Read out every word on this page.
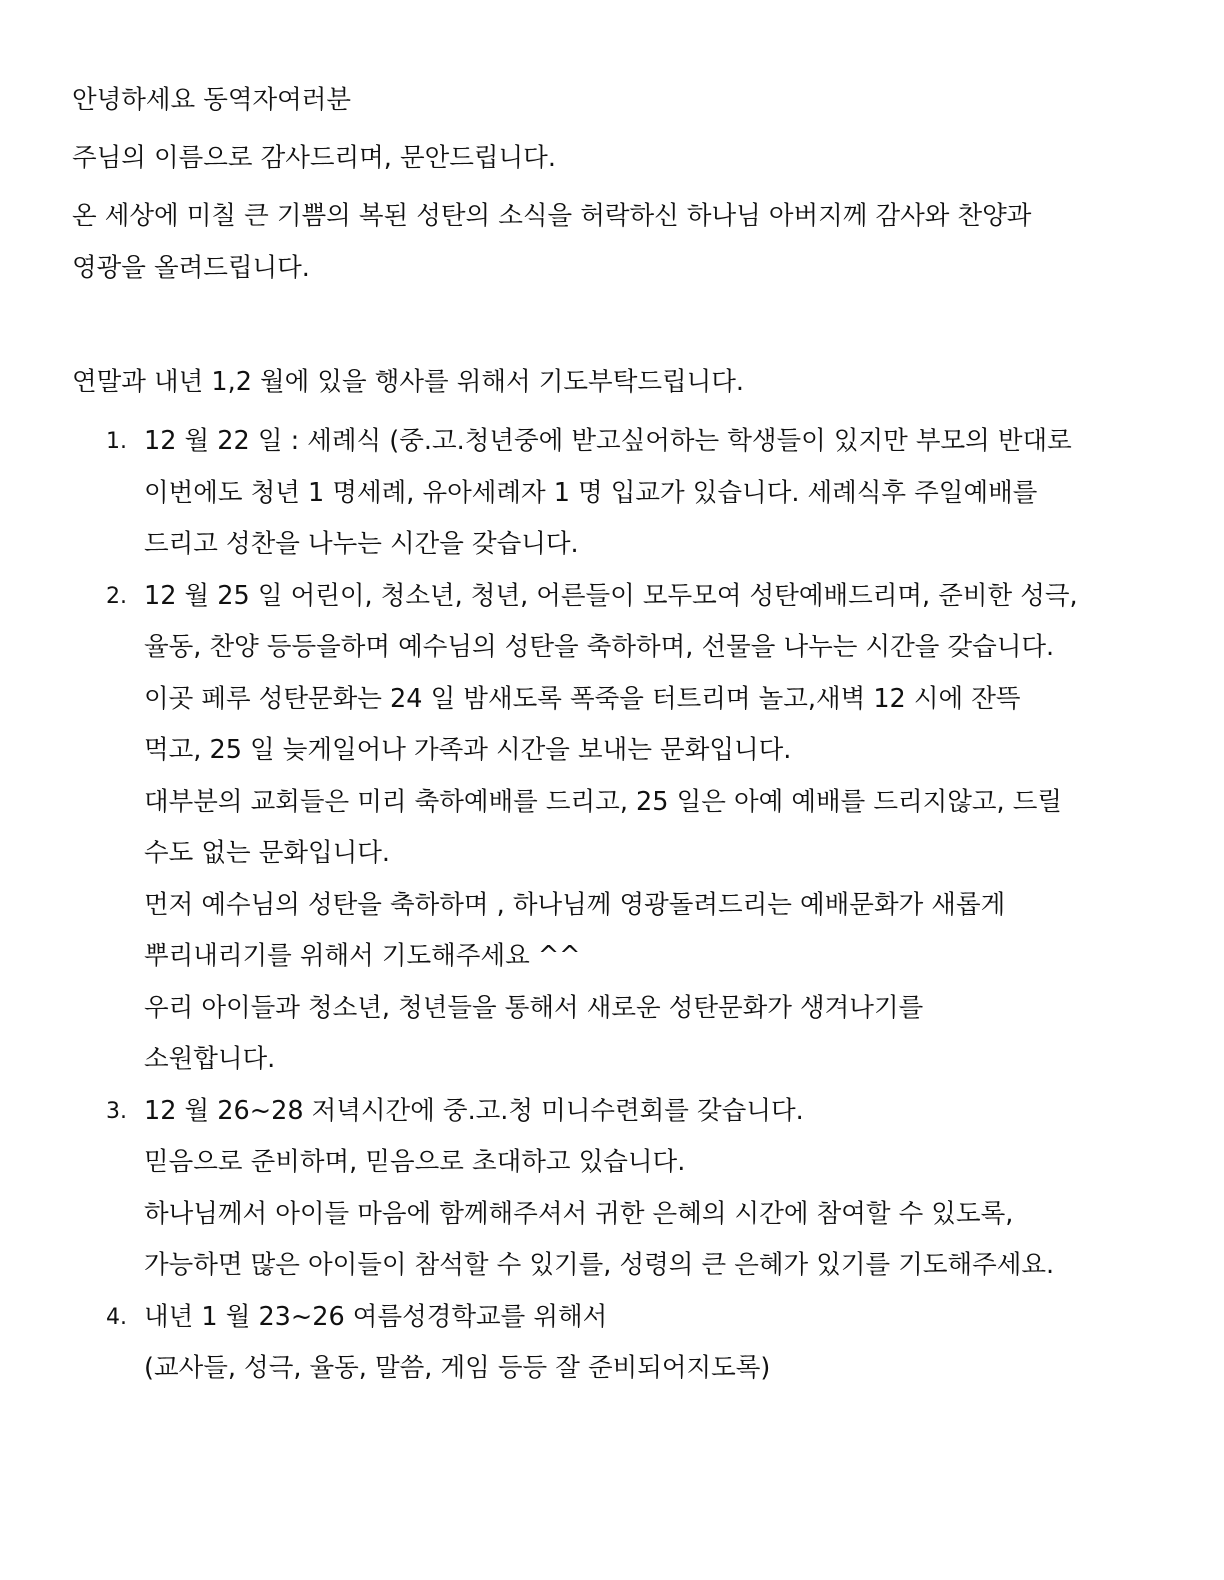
안녕하세요 동역자여러분

주님의 이름으로 감사드리며, 문안드립니다.

온 세상에 미칠 큰 기쁨의 복된 성탄의 소식을 허락하신 하나님 아버지께 감사와 찬양과
영광을 올려드립니다.

연말과 내년 1,2 월에 있을 행사를 위해서 기도부탁드립니다.

1. 12 월 22 일 : 세례식 (중.고.청년중에 받고싶어하는 학생들이 있지만 부모의 반대로
이번에도 청년 1 명세례, 유아세례자 1 명 입교가 있습니다. 세례식후 주일예배를
드리고 성찬을 나누는 시간을 갖습니다.
2. 12 월 25 일 어린이, 청소년, 청년, 어른들이 모두모여 성탄예배드리며, 준비한 성극,
율동, 찬양 등등을하며 예수님의 성탄을 축하하며, 선물을 나누는 시간을 갖습니다.
이곳 페루 성탄문화는 24 일 밤새도록 폭죽을 터트리며 놀고,새벽 12 시에 잔뜩
먹고, 25 일 늦게일어나 가족과 시간을 보내는 문화입니다.
대부분의 교회들은 미리 축하예배를 드리고, 25 일은 아예 예배를 드리지않고, 드릴
수도 없는 문화입니다.
먼저 예수님의 성탄을 축하하며 , 하나님께 영광돌려드리는 예배문화가 새롭게
뿌리내리기를 위해서 기도해주세요 ^^
우리 아이들과 청소년, 청년들을 통해서 새로운 성탄문화가 생겨나기를
소원합니다.
3. 12 월 26~28 저녁시간에 중.고.청 미니수련회를 갖습니다.
믿음으로 준비하며, 믿음으로 초대하고 있습니다.
하나님께서 아이들 마음에 함께해주셔서 귀한 은혜의 시간에 참여할 수 있도록,
가능하면 많은 아이들이 참석할 수 있기를, 성령의 큰 은혜가 있기를 기도해주세요.
4. 내년 1 월 23~26 여름성경학교를 위해서
(교사들, 성극, 율동, 말씀, 게임 등등 잘 준비되어지도록)
